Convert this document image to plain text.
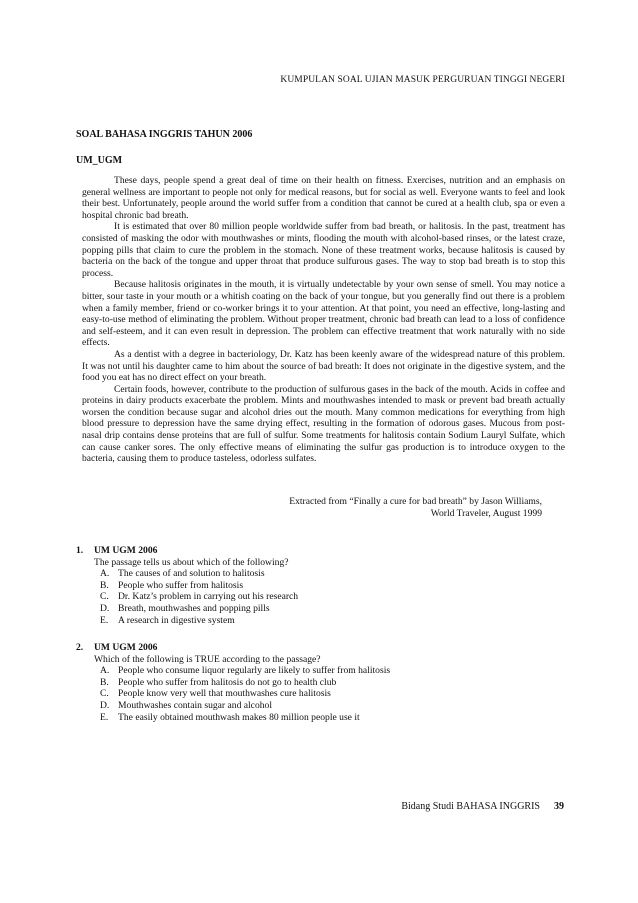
KUMPULAN SOAL UJIAN MASUK PERGURUAN TINGGI NEGERI
SOAL BAHASA INGGRIS TAHUN 2006
UM_UGM

These days, people spend a great deal of time on their health on fitness. Exercises, nutrition and an emphasis on general wellness are important to people not only for medical reasons, but for social as well. Everyone wants to feel and look their best. Unfortunately, people around the world suffer from a condition that cannot be cured at a health club, spa or even a hospital chronic bad breath.

It is estimated that over 80 million people worldwide suffer from bad breath, or halitosis. In the past, treatment has consisted of masking the odor with mouthwashes or mints, flooding the mouth with alcohol-based rinses, or the latest craze, popping pills that claim to cure the problem in the stomach. None of these treatment works, because halitosis is caused by bacteria on the back of the tongue and upper throat that produce sulfurous gases. The way to stop bad breath is to stop this process.

Because halitosis originates in the mouth, it is virtually undetectable by your own sense of smell. You may notice a bitter, sour taste in your mouth or a whitish coating on the back of your tongue, but you generally find out there is a problem when a family member, friend or co-worker brings it to your attention. At that point, you need an effective, long-lasting and easy-to-use method of eliminating the problem. Without proper treatment, chronic bad breath can lead to a loss of confidence and self-esteem, and it can even result in depression. The problem can effective treatment that work naturally with no side effects.

As a dentist with a degree in bacteriology, Dr. Katz has been keenly aware of the widespread nature of this problem. It was not until his daughter came to him about the source of bad breath: It does not originate in the digestive system, and the food you eat has no direct effect on your breath.

Certain foods, however, contribute to the production of sulfurous gases in the back of the mouth. Acids in coffee and proteins in dairy products exacerbate the problem. Mints and mouthwashes intended to mask or prevent bad breath actually worsen the condition because sugar and alcohol dries out the mouth. Many common medications for everything from high blood pressure to depression have the same drying effect, resulting in the formation of odorous gases. Mucous from post-nasal drip contains dense proteins that are full of sulfur. Some treatments for halitosis contain Sodium Lauryl Sulfate, which can cause canker sores. The only effective means of eliminating the sulfur gas production is to introduce oxygen to the bacteria, causing them to produce tasteless, odorless sulfates.

Extracted from “Finally a cure for bad breath” by Jason Williams,
World Traveler, August 1999
1. UM UGM 2006
The passage tells us about which of the following?
A. The causes of and solution to halitosis
B. People who suffer from halitosis
C. Dr. Katz’s problem in carrying out his research
D. Breath, mouthwashes and popping pills
E. A research in digestive system
2. UM UGM 2006
Which of the following is TRUE according to the passage?
A. People who consume liquor regularly are likely to suffer from halitosis
B. People who suffer from halitosis do not go to health club
C. People know very well that mouthwashes cure halitosis
D. Mouthwashes contain sugar and alcohol
E. The easily obtained mouthwash makes 80 million people use it
Bidang Studi BAHASA INGGRIS 39
